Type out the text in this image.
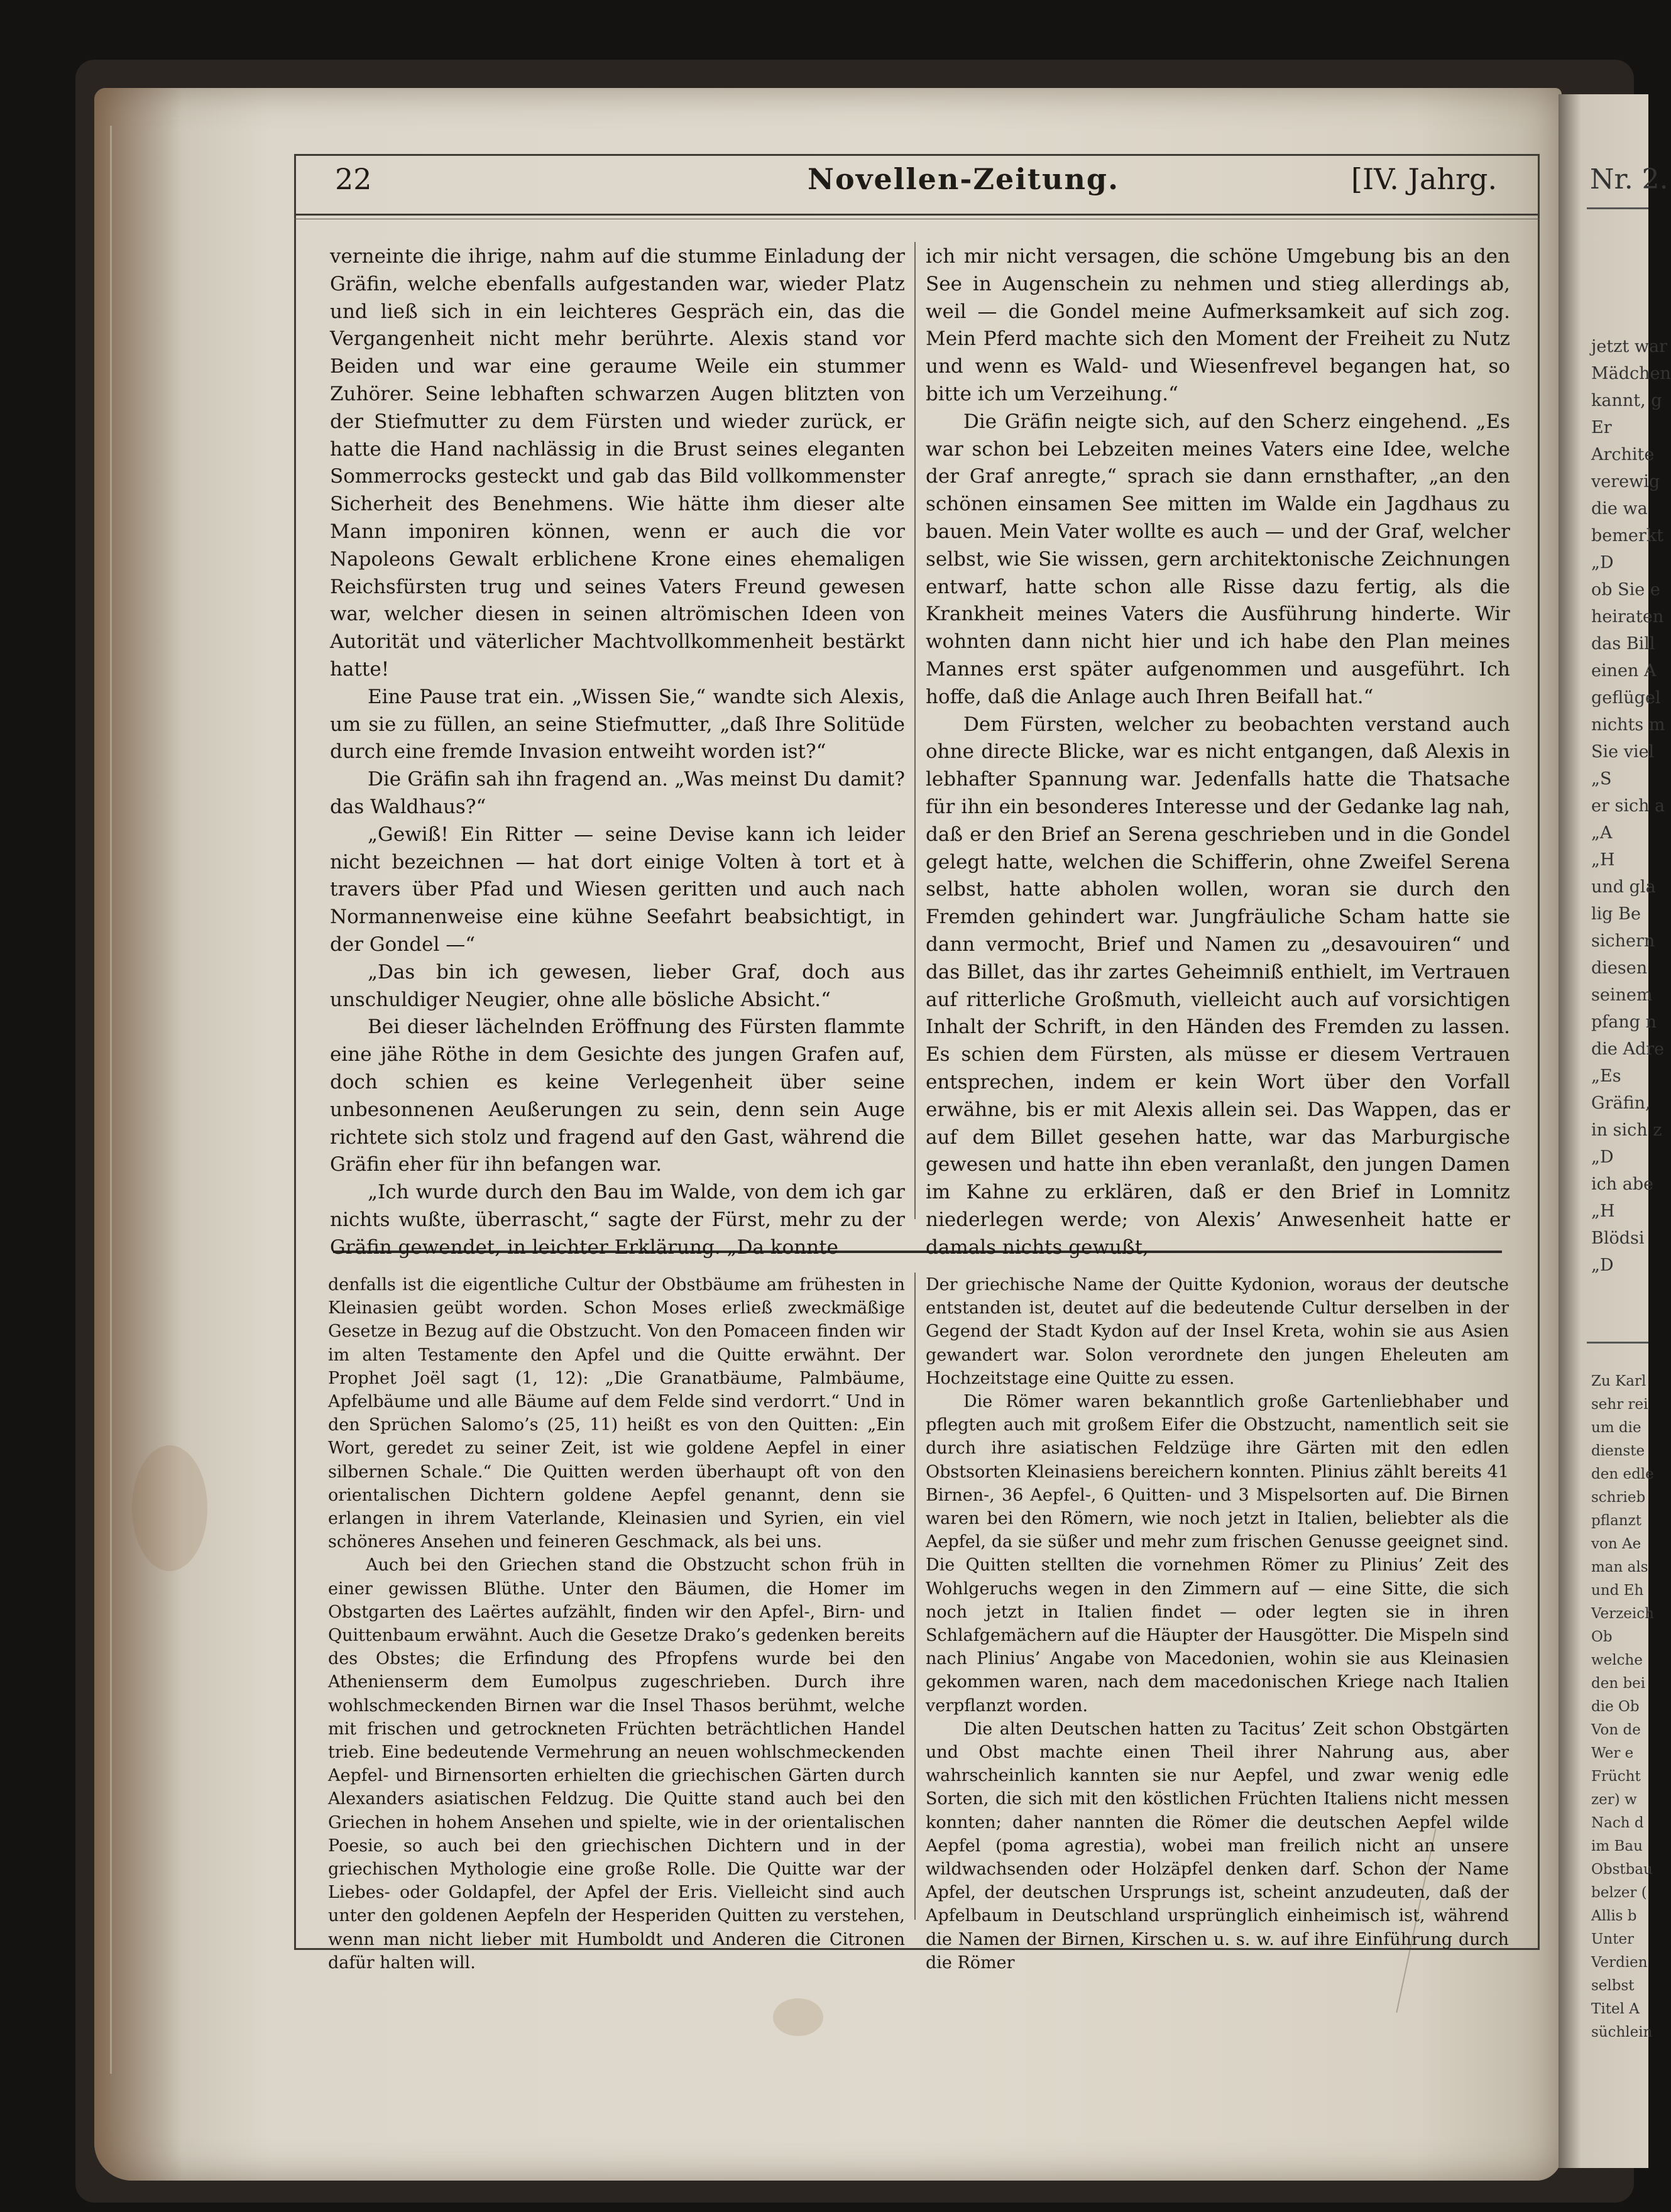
Nr. 2.
jetzt war
Mädchen
kannt, g
Er
Archite
verewig
die wa
bemerkt
„D
ob Sie e
heiraten
das Bill
einen A
geflügel
nichts m
Sie viel
„S
er sich a
„A
„H
und gla
lig Be
sichern
diesen
seinem
pfang n
die Adre
„Es
Gräfin,
in sich z
„D
ich abe
„H
Blödsi
„D
Zu Karl
sehr rei
um die
dienste
den edle
schrieb
pflanzt
von Ae
man als
und Eh
Verzeich
Ob
welche
den bei
die Ob
Von de
Wer e
Frücht
zer) w
Nach d
im Bau
Obstbau
belzer (
Allis b
Unter
Verdien
selbst
Titel A
süchlein
22	Novellen-Zeitung.	[IV. Jahrg.

verneinte die ihrige, nahm auf die stumme Einladung der Gräfin, welche ebenfalls aufgestanden war, wieder Platz und ließ sich in ein leichteres Gespräch ein, das die Vergangenheit nicht mehr berührte. Alexis stand vor Beiden und war eine geraume Weile ein stummer Zuhörer. Seine lebhaften schwarzen Augen blitzten von der Stiefmutter zu dem Fürsten und wieder zurück, er hatte die Hand nachlässig in die Brust seines eleganten Sommerrocks gesteckt und gab das Bild vollkommenster Sicherheit des Benehmens. Wie hätte ihm dieser alte Mann imponiren können, wenn er auch die vor Napoleons Gewalt erblichene Krone eines ehemaligen Reichsfürsten trug und seines Vaters Freund gewesen war, welcher diesen in seinen altrömischen Ideen von Autorität und väterlicher Machtvollkommenheit bestärkt hatte!

Eine Pause trat ein. „Wissen Sie,“ wandte sich Alexis, um sie zu füllen, an seine Stiefmutter, „daß Ihre Solitüde durch eine fremde Invasion entweiht worden ist?“

Die Gräfin sah ihn fragend an. „Was meinst Du damit? das Waldhaus?“

„Gewiß! Ein Ritter — seine Devise kann ich leider nicht bezeichnen — hat dort einige Volten à tort et à travers über Pfad und Wiesen geritten und auch nach Normannenweise eine kühne Seefahrt beabsichtigt, in der Gondel —“

„Das bin ich gewesen, lieber Graf, doch aus unschuldiger Neugier, ohne alle bösliche Absicht.“

Bei dieser lächelnden Eröffnung des Fürsten flammte eine jähe Röthe in dem Gesichte des jungen Grafen auf, doch schien es keine Verlegenheit über seine unbesonnenen Aeußerungen zu sein, denn sein Auge richtete sich stolz und fragend auf den Gast, während die Gräfin eher für ihn befangen war.

„Ich wurde durch den Bau im Walde, von dem ich gar nichts wußte, überrascht,“ sagte der Fürst, mehr zu der Gräfin gewendet, in leichter Erklärung. „Da konnte

ich mir nicht versagen, die schöne Umgebung bis an den See in Augenschein zu nehmen und stieg allerdings ab, weil — die Gondel meine Aufmerksamkeit auf sich zog. Mein Pferd machte sich den Moment der Freiheit zu Nutz und wenn es Wald- und Wiesenfrevel begangen hat, so bitte ich um Verzeihung.“

Die Gräfin neigte sich, auf den Scherz eingehend. „Es war schon bei Lebzeiten meines Vaters eine Idee, welche der Graf anregte,“ sprach sie dann ernsthafter, „an den schönen einsamen See mitten im Walde ein Jagdhaus zu bauen. Mein Vater wollte es auch — und der Graf, welcher selbst, wie Sie wissen, gern architektonische Zeichnungen entwarf, hatte schon alle Risse dazu fertig, als die Krankheit meines Vaters die Ausführung hinderte. Wir wohnten dann nicht hier und ich habe den Plan meines Mannes erst später aufgenommen und ausgeführt. Ich hoffe, daß die Anlage auch Ihren Beifall hat.“

Dem Fürsten, welcher zu beobachten verstand auch ohne directe Blicke, war es nicht entgangen, daß Alexis in lebhafter Spannung war. Jedenfalls hatte die Thatsache für ihn ein besonderes Interesse und der Gedanke lag nah, daß er den Brief an Serena geschrieben und in die Gondel gelegt hatte, welchen die Schifferin, ohne Zweifel Serena selbst, hatte abholen wollen, woran sie durch den Fremden gehindert war. Jungfräuliche Scham hatte sie dann vermocht, Brief und Namen zu „desavouiren“ und das Billet, das ihr zartes Geheimniß enthielt, im Vertrauen auf ritterliche Großmuth, vielleicht auch auf vorsichtigen Inhalt der Schrift, in den Händen des Fremden zu lassen. Es schien dem Fürsten, als müsse er diesem Vertrauen entsprechen, indem er kein Wort über den Vorfall erwähne, bis er mit Alexis allein sei. Das Wappen, das er auf dem Billet gesehen hatte, war das Marburgische gewesen und hatte ihn eben veranlaßt, den jungen Damen im Kahne zu erklären, daß er den Brief in Lomnitz niederlegen werde; von Alexis’ Anwesenheit hatte er damals nichts gewußt,

denfalls ist die eigentliche Cultur der Obstbäume am frühesten in Kleinasien geübt worden. Schon Moses erließ zweckmäßige Gesetze in Bezug auf die Obstzucht. Von den Pomaceen finden wir im alten Testamente den Apfel und die Quitte erwähnt. Der Prophet Joël sagt (1, 12): „Die Granatbäume, Palmbäume, Apfelbäume und alle Bäume auf dem Felde sind verdorrt.“ Und in den Sprüchen Salomo’s (25, 11) heißt es von den Quitten: „Ein Wort, geredet zu seiner Zeit, ist wie goldene Aepfel in einer silbernen Schale.“ Die Quitten werden überhaupt oft von den orientalischen Dichtern goldene Aepfel genannt, denn sie erlangen in ihrem Vaterlande, Kleinasien und Syrien, ein viel schöneres Ansehen und feineren Geschmack, als bei uns.

Auch bei den Griechen stand die Obstzucht schon früh in einer gewissen Blüthe. Unter den Bäumen, die Homer im Obstgarten des Laërtes aufzählt, finden wir den Apfel-, Birn- und Quittenbaum erwähnt. Auch die Gesetze Drako’s gedenken bereits des Obstes; die Erfindung des Pfropfens wurde bei den Athenienserm dem Eumolpus zugeschrieben. Durch ihre wohlschmeckenden Birnen war die Insel Thasos berühmt, welche mit frischen und getrockneten Früchten beträchtlichen Handel trieb. Eine bedeutende Vermehrung an neuen wohlschmeckenden Aepfel- und Birnensorten erhielten die griechischen Gärten durch Alexanders asiatischen Feldzug. Die Quitte stand auch bei den Griechen in hohem Ansehen und spielte, wie in der orientalischen Poesie, so auch bei den griechischen Dichtern und in der griechischen Mythologie eine große Rolle. Die Quitte war der Liebes- oder Goldapfel, der Apfel der Eris. Vielleicht sind auch unter den goldenen Aepfeln der Hesperiden Quitten zu verstehen, wenn man nicht lieber mit Humboldt und Anderen die Citronen dafür halten will.

Der griechische Name der Quitte Kydonion, woraus der deutsche entstanden ist, deutet auf die bedeutende Cultur derselben in der Gegend der Stadt Kydon auf der Insel Kreta, wohin sie aus Asien gewandert war. Solon verordnete den jungen Eheleuten am Hochzeitstage eine Quitte zu essen.

Die Römer waren bekanntlich große Gartenliebhaber und pflegten auch mit großem Eifer die Obstzucht, namentlich seit sie durch ihre asiatischen Feldzüge ihre Gärten mit den edlen Obstsorten Kleinasiens bereichern konnten. Plinius zählt bereits 41 Birnen-, 36 Aepfel-, 6 Quitten- und 3 Mispelsorten auf. Die Birnen waren bei den Römern, wie noch jetzt in Italien, beliebter als die Aepfel, da sie süßer und mehr zum frischen Genusse geeignet sind. Die Quitten stellten die vornehmen Römer zu Plinius’ Zeit des Wohlgeruchs wegen in den Zimmern auf — eine Sitte, die sich noch jetzt in Italien findet — oder legten sie in ihren Schlafgemächern auf die Häupter der Hausgötter. Die Mispeln sind nach Plinius’ Angabe von Macedonien, wohin sie aus Kleinasien gekommen waren, nach dem macedonischen Kriege nach Italien verpflanzt worden.

Die alten Deutschen hatten zu Tacitus’ Zeit schon Obstgärten und Obst machte einen Theil ihrer Nahrung aus, aber wahrscheinlich kannten sie nur Aepfel, und zwar wenig edle Sorten, die sich mit den köstlichen Früchten Italiens nicht messen konnten; daher nannten die Römer die deutschen Aepfel wilde Aepfel (poma agrestia), wobei man freilich nicht an unsere wildwachsenden oder Holzäpfel denken darf. Schon der Name Apfel, der deutschen Ursprungs ist, scheint anzudeuten, daß der Apfelbaum in Deutschland ursprünglich einheimisch ist, während die Namen der Birnen, Kirschen u. s. w. auf ihre Einführung durch die Römer
